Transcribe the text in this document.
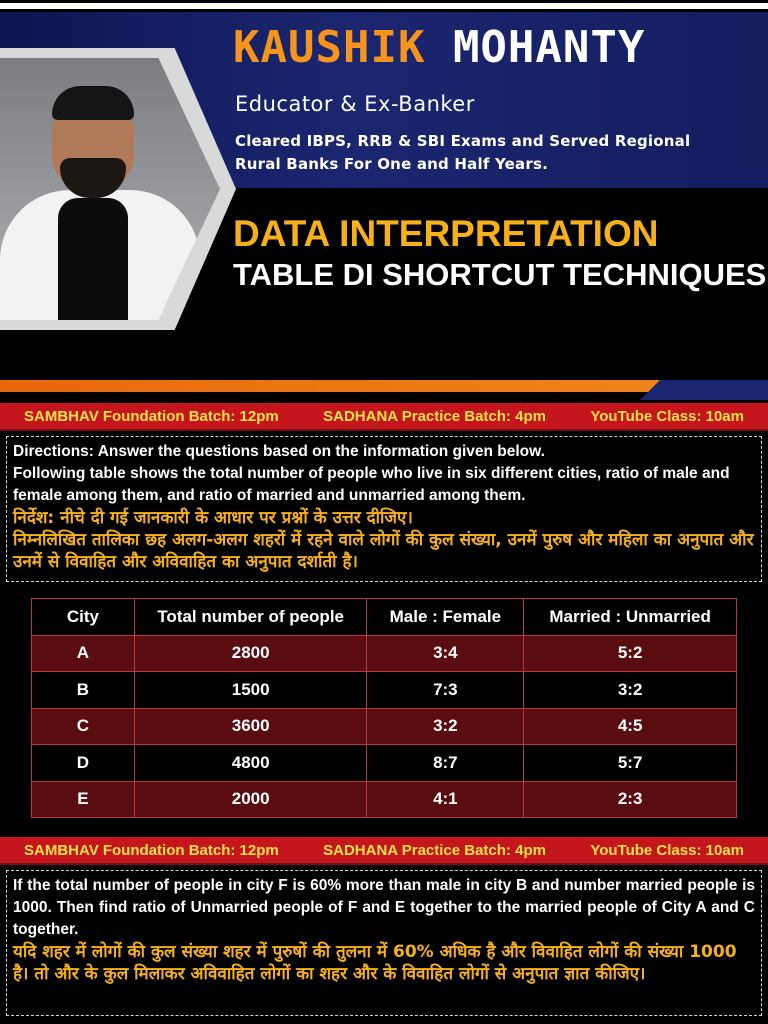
KAUSHIK MOHANTY
Educator & Ex-Banker
Cleared IBPS, RRB & SBI Exams and Served Regional
Rural Banks For One and Half Years.
DATA INTERPRETATION
TABLE DI SHORTCUT TECHNIQUES
SAMBHAV Foundation Batch: 12pm	SADHANA Practice Batch: 4pm	YouTube Class: 10am
Directions: Answer the questions based on the information given below.
Following table shows the total number of people who live in six different cities, ratio of male and female among them, and ratio of married and unmarried among them.
निर्देश: नीचे दी गई जानकारी के आधार पर प्रश्नों के उत्तर दीजिए।
निम्नलिखित तालिका छह अलग-अलग शहरों में रहने वाले लोगों की कुल संख्या, उनमें पुरुष और महिला का अनुपात और उनमें से विवाहित और अविवाहित का अनुपात दर्शाती है।
City	Total number of people	Male : Female	Married : Unmarried
A	2800	3:4	5:2
B	1500	7:3	3:2
C	3600	3:2	4:5
D	4800	8:7	5:7
E	2000	4:1	2:3
SAMBHAV Foundation Batch: 12pm	SADHANA Practice Batch: 4pm	YouTube Class: 10am
If the total number of people in city F is 60% more than male in city B and number married people is 1000. Then find ratio of Unmarried people of F and E together to the married people of City A and C together.
यदि शहर में लोगों की कुल संख्या शहर में पुरुषों की तुलना में 60% अधिक है और विवाहित लोगों की संख्या 1000 है। तो और के कुल मिलाकर अविवाहित लोगों का शहर और के विवाहित लोगों से अनुपात ज्ञात कीजिए।
